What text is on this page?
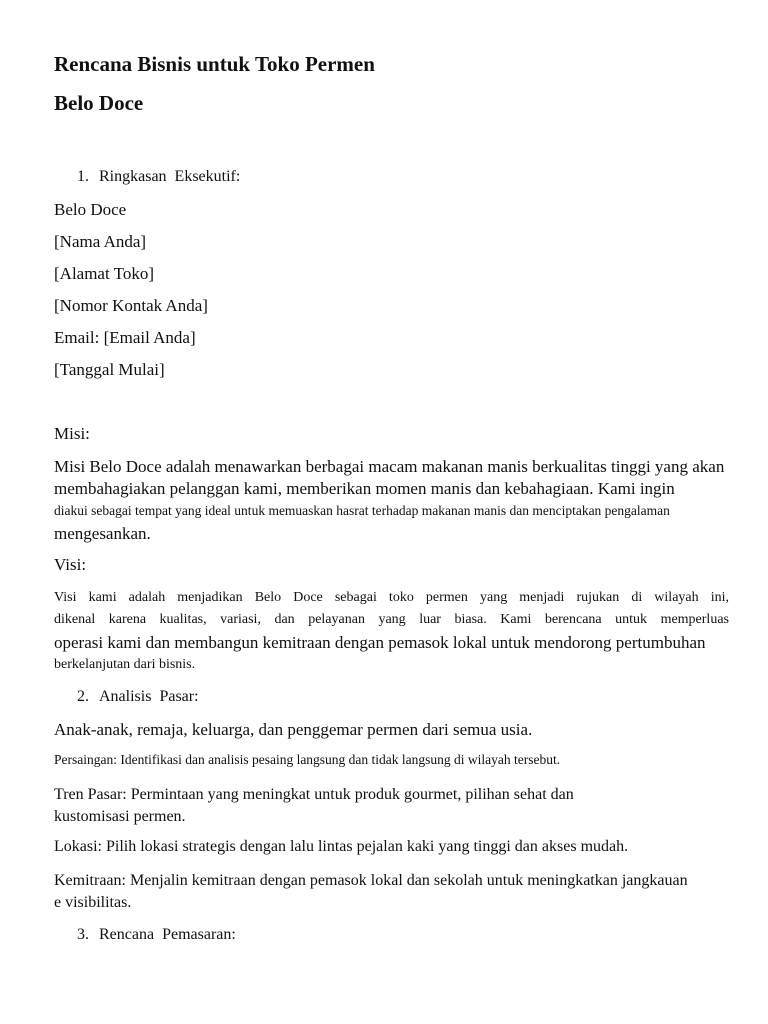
Rencana Bisnis untuk Toko Permen
Belo Doce
1. Ringkasan Eksekutif:
Belo Doce
[Nama Anda]
[Alamat Toko]
[Nomor Kontak Anda]
Email: [Email Anda]
[Tanggal Mulai]
Misi:
Misi Belo Doce adalah menawarkan berbagai macam makanan manis berkualitas tinggi yang akan
membahagiakan pelanggan kami, memberikan momen manis dan kebahagiaan. Kami ingin
diakui sebagai tempat yang ideal untuk memuaskan hasrat terhadap makanan manis dan menciptakan pengalaman
mengesankan.
Visi:
Visi kami adalah menjadikan Belo Doce sebagai toko permen yang menjadi rujukan di wilayah ini,
dikenal karena kualitas, variasi, dan pelayanan yang luar biasa. Kami berencana untuk memperluas
operasi kami dan membangun kemitraan dengan pemasok lokal untuk mendorong pertumbuhan
berkelanjutan dari bisnis.
2. Analisis Pasar:
Anak-anak, remaja, keluarga, dan penggemar permen dari semua usia.
Persaingan: Identifikasi dan analisis pesaing langsung dan tidak langsung di wilayah tersebut.
Tren Pasar: Permintaan yang meningkat untuk produk gourmet, pilihan sehat dan
kustomisasi permen.
Lokasi: Pilih lokasi strategis dengan lalu lintas pejalan kaki yang tinggi dan akses mudah.
Kemitraan: Menjalin kemitraan dengan pemasok lokal dan sekolah untuk meningkatkan jangkauan
e visibilitas.
3. Rencana Pemasaran:
